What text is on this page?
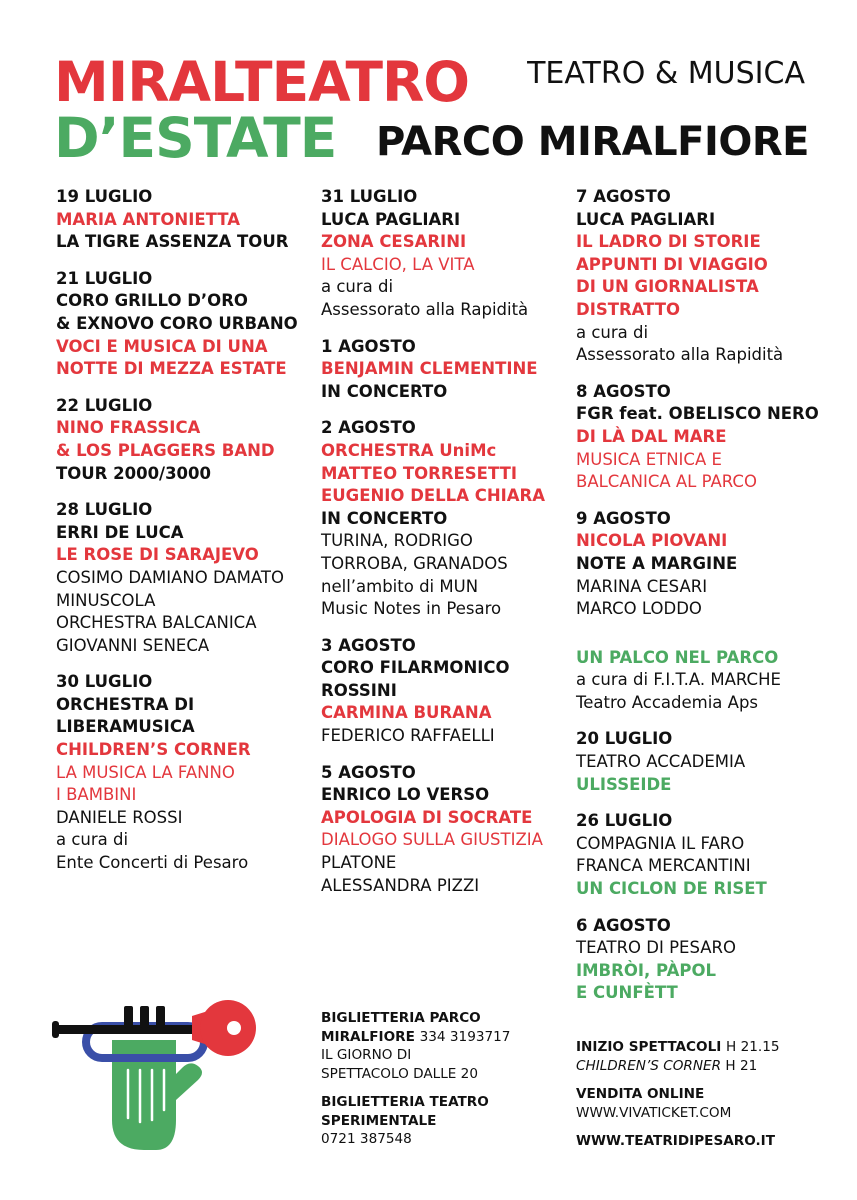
MIRALTEATRO
D’ESTATE
TEATRO & MUSICA
PARCO MIRALFIORE
19 LUGLIO
MARIA ANTONIETTA
LA TIGRE ASSENZA TOUR
21 LUGLIO
CORO GRILLO D’ORO
& EXNOVO CORO URBANO
VOCI E MUSICA DI UNA
NOTTE DI MEZZA ESTATE
22 LUGLIO
NINO FRASSICA
& LOS PLAGGERS BAND
TOUR 2000/3000
28 LUGLIO
ERRI DE LUCA
LE ROSE DI SARAJEVO
COSIMO DAMIANO DAMATO
MINUSCOLA
ORCHESTRA BALCANICA
GIOVANNI SENECA
30 LUGLIO
ORCHESTRA DI
LIBERAMUSICA
CHILDREN’S CORNER
LA MUSICA LA FANNO
I BAMBINI
DANIELE ROSSI
a cura di
Ente Concerti di Pesaro
31 LUGLIO
LUCA PAGLIARI
ZONA CESARINI
IL CALCIO, LA VITA
a cura di
Assessorato alla Rapidità
1 AGOSTO
BENJAMIN CLEMENTINE
IN CONCERTO
2 AGOSTO
ORCHESTRA UniMc
MATTEO TORRESETTI
EUGENIO DELLA CHIARA
IN CONCERTO
TURINA, RODRIGO
TORROBA, GRANADOS
nell’ambito di MUN
Music Notes in Pesaro
3 AGOSTO
CORO FILARMONICO
ROSSINI
CARMINA BURANA
FEDERICO RAFFAELLI
5 AGOSTO
ENRICO LO VERSO
APOLOGIA DI SOCRATE
DIALOGO SULLA GIUSTIZIA
PLATONE
ALESSANDRA PIZZI
7 AGOSTO
LUCA PAGLIARI
IL LADRO DI STORIE
APPUNTI DI VIAGGIO
DI UN GIORNALISTA
DISTRATTO
a cura di
Assessorato alla Rapidità
8 AGOSTO
FGR feat. OBELISCO NERO
DI LÀ DAL MARE
MUSICA ETNICA E
BALCANICA AL PARCO
9 AGOSTO
NICOLA PIOVANI
NOTE A MARGINE
MARINA CESARI
MARCO LODDO
UN PALCO NEL PARCO
a cura di F.I.T.A. MARCHE
Teatro Accademia Aps
20 LUGLIO
TEATRO ACCADEMIA
ULISSEIDE
26 LUGLIO
COMPAGNIA IL FARO
FRANCA MERCANTINI
UN CICLON DE RISET
6 AGOSTO
TEATRO DI PESARO
IMBRÒI, PÀPOL
E CUNFÈTT
BIGLIETTERIA PARCO
MIRALFIORE 334 3193717
IL GIORNO DI
SPETTACOLO DALLE 20
BIGLIETTERIA TEATRO
SPERIMENTALE
0721 387548
INIZIO SPETTACOLI H 21.15
CHILDREN’S CORNER H 21
VENDITA ONLINE
WWW.VIVATICKET.COM
WWW.TEATRIDIPESARO.IT
